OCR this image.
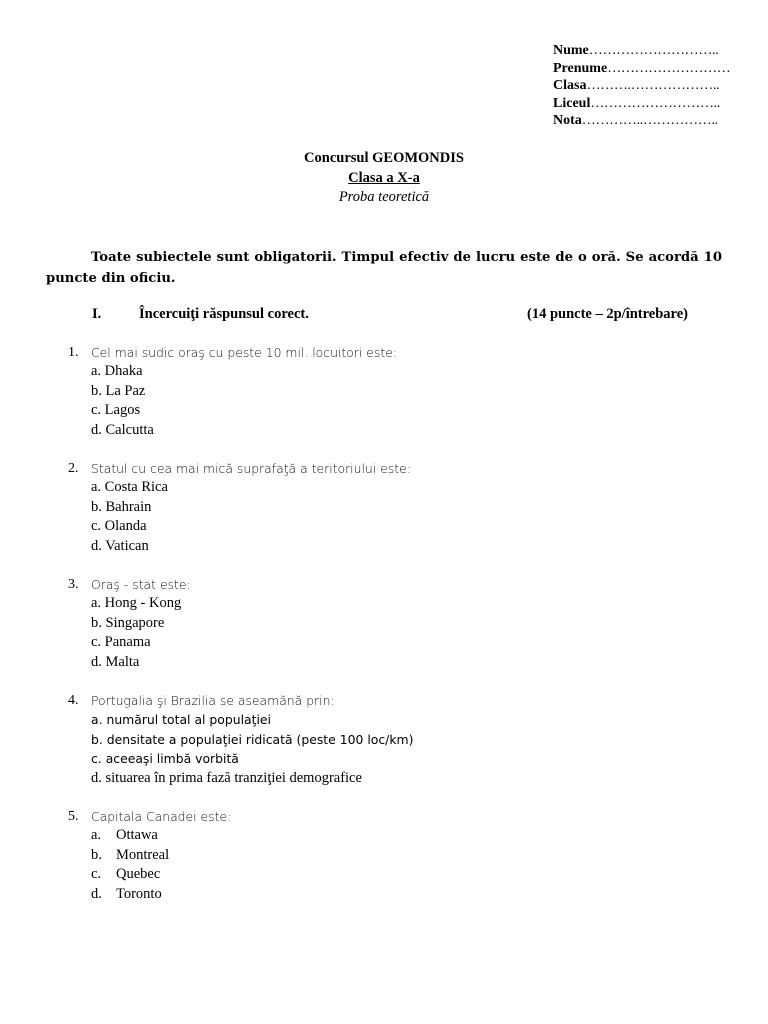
Nume………………………..
Prenume………………………
Clasa……….………………..
Liceul………………………..
Nota…………..……………..
Concursul GEOMONDIS
Clasa a X-a
Proba teoretică
Toate subiectele sunt obligatorii. Timpul efectiv de lucru este de o oră. Se acordă 10 puncte din oficiu.
I.	Încercuiţi răspunsul corect.	(14 puncte – 2p/întrebare)
1.	Cel mai sudic oraş cu peste 10 mil. locuitori este:
a. Dhaka
b. La Paz
c. Lagos
d. Calcutta
2.	Statul cu cea mai mică suprafaţă a teritoriului este:
a. Costa Rica
b. Bahrain
c. Olanda
d. Vatican
3.	Oraş - stat este:
a. Hong - Kong
b. Singapore
c. Panama
d. Malta
4.	Portugalia şi Brazilia se aseamănă prin:
a. numărul total al populaţiei
b. densitate a populaţiei ridicată (peste 100 loc/km)
c. aceeaşi limbă vorbită
d. situarea în prima fază tranziţiei demografice
5.	Capitala Canadei este:
a. Ottawa
b. Montreal
c. Quebec
d. Toronto
